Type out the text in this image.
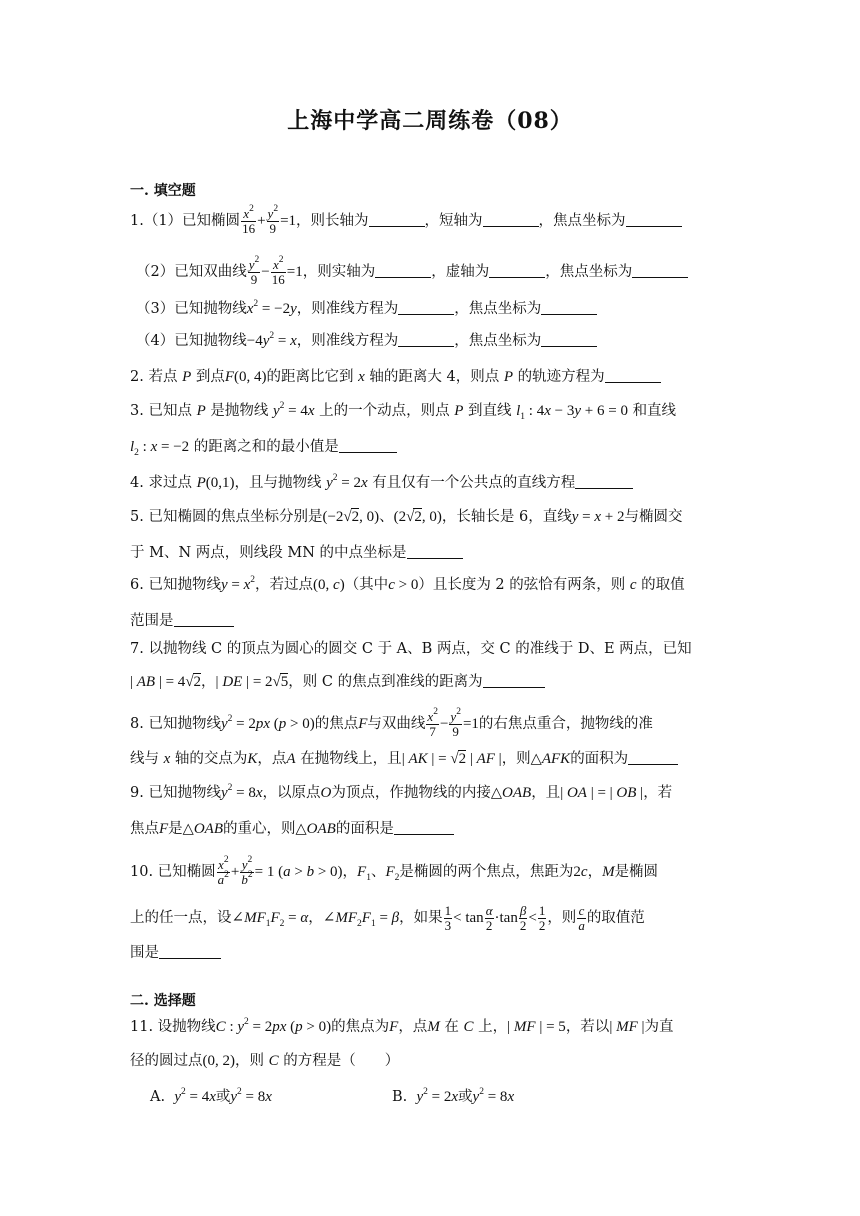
上海中学高二周练卷（08）
一. 填空题
1.（1）已知椭圆 $\frac{x^2}{16} + \frac{y^2}{9} =1$，则长轴为	，短轴为	，焦点坐标为
（2）已知双曲线 $\frac{y^2}{9} - \frac{x^2}{16} =1$，则实轴为	，虚轴为	，焦点坐标为
（3）已知抛物线$x^2 = -2y$，则准线方程为	，焦点坐标为
（4）已知抛物线$-4y^2 = x$，则准线方程为	，焦点坐标为
2. 若点 P 到点F(0, 4)的距离比它到 x 轴的距离大 4，则点 P 的轨迹方程为
3. 已知点 P 是抛物线 $y^2 = 4x$ 上的一个动点，则点 P 到直线 $l_1$ : 4x − 3y + 6 = 0 和直线
$l_2$ : x = −2 的距离之和的最小值是
4. 求过点 P(0,1)，且与抛物线 $y^2 = 2x$ 有且仅有一个公共点的直线方程
5. 已知椭圆的焦点坐标分别是(−2√2, 0)、(2√2, 0)，长轴长是 6，直线y = x + 2与椭圆交
于 M、N 两点，则线段 MN 的中点坐标是
6. 已知抛物线$y = x^2$，若过点(0, c)（其中c > 0）且长度为 2 的弦恰有两条，则 c 的取值
范围是
7. 以抛物线 C 的顶点为圆心的圆交 C 于 A、B 两点，交 C 的准线于 D、E 两点，已知
| AB | = 4√2，| DE | = 2√5，则 C 的焦点到准线的距离为
8. 已知抛物线$y^2 = 2px$ (p > 0)的焦点F与双曲线 $\frac{x^2}{7} - \frac{y^2}{9} =1$的右焦点重合，抛物线的准
线与 x 轴的交点为K，点A 在抛物线上，且| AK | = √2 | AF |，则△AFK的面积为
9. 已知抛物线$y^2 = 8x$，以原点O为顶点，作抛物线的内接△OAB，且| OA | = | OB |，若
焦点F是△OAB的重心，则△OAB的面积是
10. 已知椭圆 $\frac{x^2}{a^2} + \frac{y^2}{b^2} = 1$ (a > b > 0)，$F_1$、$F_2$是椭圆的两个焦点，焦距为2c，M是椭圆
上的任一点，设$\angle MF_1F_2 = \alpha$，$\angle MF_2F_1 = \beta$，如果 $\frac{1}{3} < \tan \frac{\alpha}{2} \cdot\tan \frac{\beta}{2} < \frac{1}{2}$ ，则 $\frac{c}{a}$ 的取值范
围是
二. 选择题
11. 设抛物线C : $y^2 = 2px$ (p > 0)的焦点为F，点M 在 C 上，| MF | = 5，若以| MF |为直
径的圆过点(0, 2)，则 C 的方程是（　　）
A. $y^2 = 4x$或$y^2 = 8x$	B. $y^2 = 2x$或$y^2 = 8x$
